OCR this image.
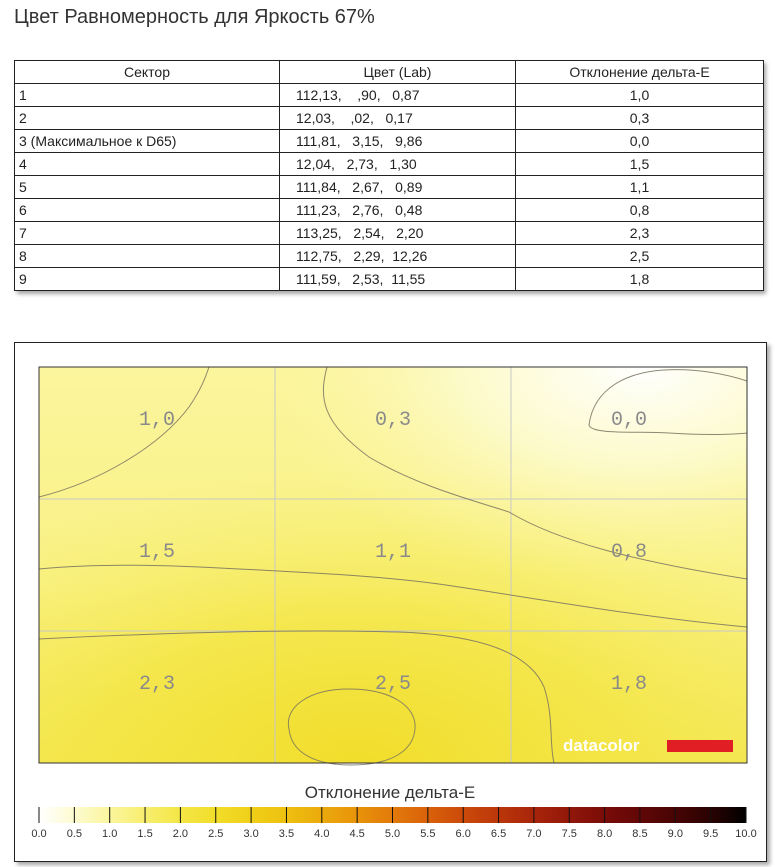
Цвет Равномерность для Яркость 67%
Сектор	Цвет (Lab)	Отклонение дельта-E
1	112,13,    ,90,   0,87	1,0
2	12,03,    ,02,   0,17	0,3
3 (Максимальное к D65)	111,81,   3,15,   9,86	0,0
4	12,04,   2,73,   1,30	1,5
5	111,84,   2,67,   0,89	1,1
6	111,23,   2,76,   0,48	0,8
7	113,25,   2,54,   2,20	2,3
8	112,75,   2,29,  12,26	2,5
9	111,59,   2,53,  11,55	1,8
1,0	0,3	0,0
1,5	1,1	0,8
2,3	2,5	1,8
datacolor
Отклонение дельта-E
0.0 0.5 1.0 1.5 2.0 2.5 3.0 3.5 4.0 4.5 5.0 5.5 6.0 6.5 7.0 7.5 8.0 8.5 9.0 9.5 10.0
